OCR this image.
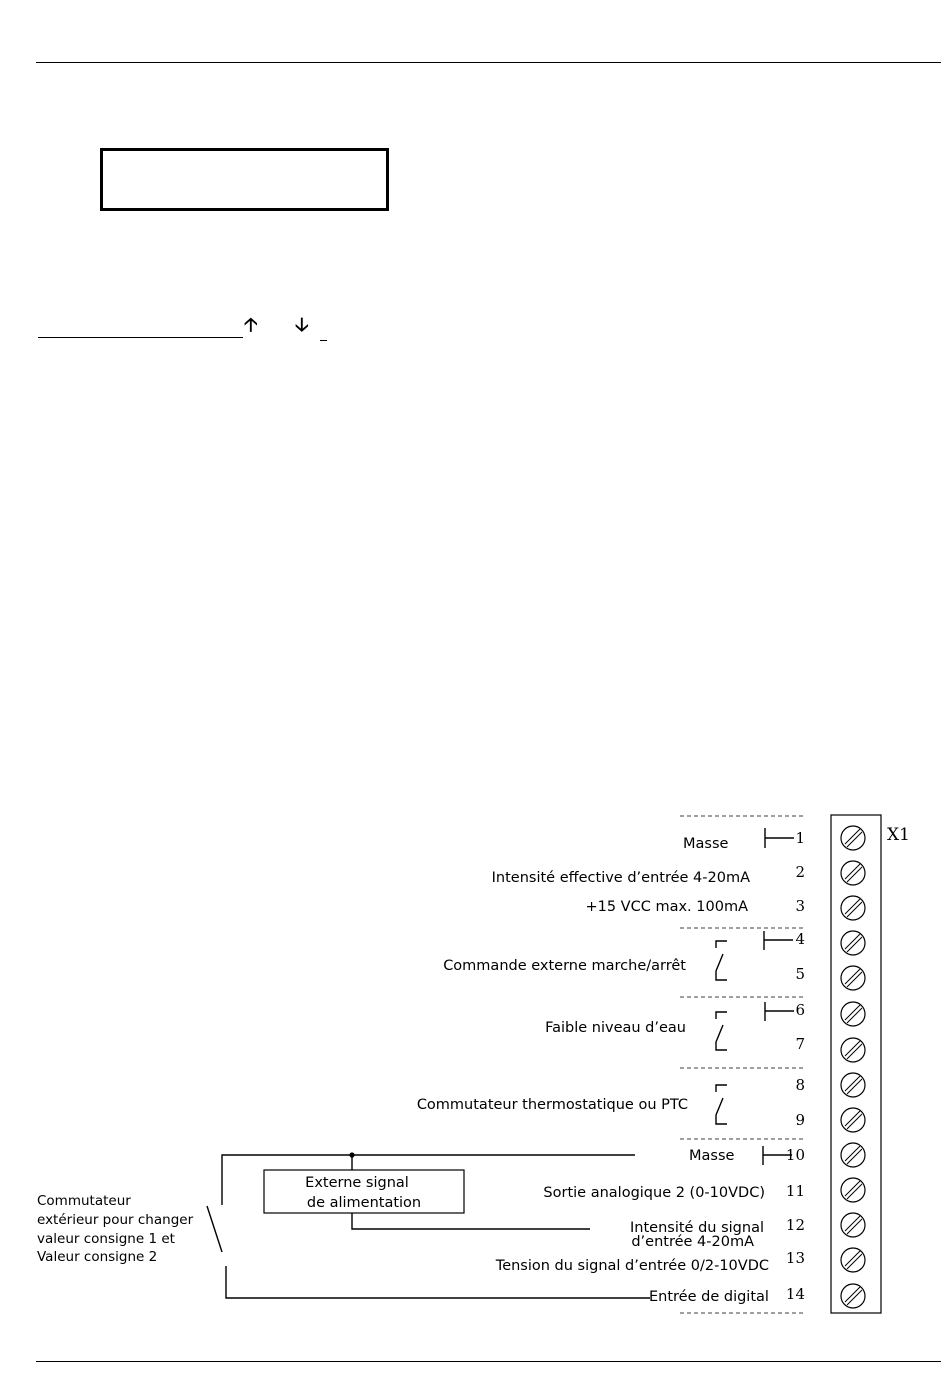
🡡 🡣
X1
1
2
3
4
5
6
7
8
9
10
11
12
13
14
Masse
Intensité effective d’entrée 4-20mA
+15 VCC max. 100mA
Commande externe marche/arrêt
Faible niveau d’eau
Commutateur thermostatique ou PTC
Masse
Sortie analogique 2 (0-10VDC)
Intensité du signal
d’entrée 4-20mA
Tension du signal d’entrée 0/2-10VDC
Entrée de digital
Externe signal
de alimentation
Commutateur
extérieur pour changer
valeur consigne 1 et
Valeur consigne 2
